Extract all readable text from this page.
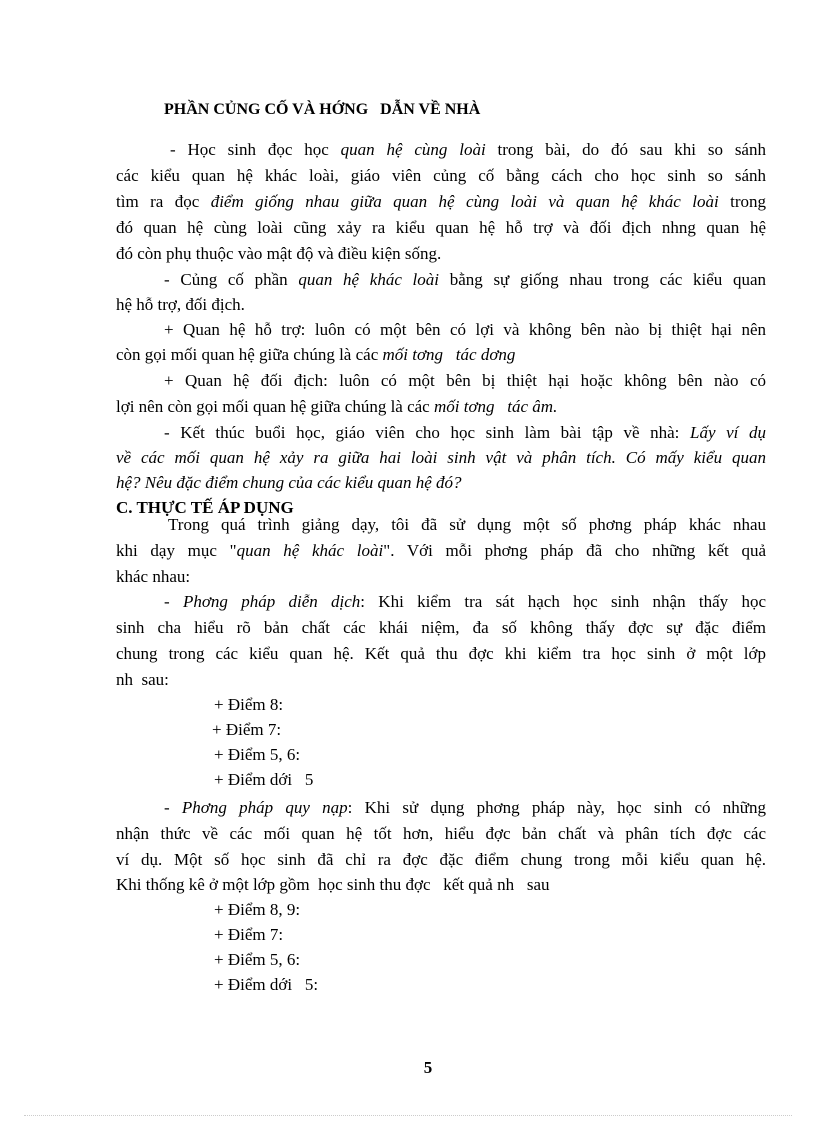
PHẦN CỦNG CỐ VÀ HỚNG   DẪN VỀ NHÀ
- Học sinh đọc học quan hệ cùng loài trong bài, do đó sau khi so sánh
các kiểu quan hệ khác loài, giáo viên củng cố bằng cách cho học sinh so sánh
tìm ra đọc điểm giống nhau giữa quan hệ cùng loài và quan hệ khác loài trong
đó quan hệ cùng loài cũng xảy ra kiểu quan hệ hỗ trợ và đối địch nhng quan hệ
đó còn phụ thuộc vào mật độ và điều kiện sống.
- Củng cố phần quan hệ khác loài bằng sự giống nhau trong các kiểu quan
hệ hỗ trợ, đối địch.
+ Quan hệ hỗ trợ: luôn có một bên có lợi và không bên nào bị thiệt hại nên
còn gọi mối quan hệ giữa chúng là các mối tơng   tác dơng
+ Quan hệ đối địch: luôn có một bên bị thiệt hại hoặc không bên nào có
lợi nên còn gọi mối quan hệ giữa chúng là các mối tơng   tác âm.
- Kết thúc buổi học, giáo viên cho học sinh làm bài tập về nhà: Lấy ví dụ
về các mối quan hệ xảy ra giữa hai loài sinh vật và phân tích. Có mấy kiểu quan
hệ? Nêu đặc điểm chung của các kiểu quan hệ đó?
C. THỰC TẾ ÁP DỤNG
Trong quá trình giảng dạy, tôi đã sử dụng một số phơng pháp khác nhau
khi dạy mục "quan hệ khác loài". Với mỗi phơng pháp đã cho những kết quả
khác nhau:
- Phơng pháp diễn dịch: Khi kiểm tra sát hạch học sinh nhận thấy học
sinh cha hiểu rõ bản chất các khái niệm, đa số không thấy đợc sự đặc điểm
chung trong các kiểu quan hệ. Kết quả thu đợc khi kiểm tra học sinh ở một lớp
nh  sau:
+ Điểm 8:
+ Điểm 7:
+ Điểm 5, 6:
+ Điểm dới   5
- Phơng pháp quy nạp: Khi sử dụng phơng pháp này, học sinh có những
nhận thức về các mối quan hệ tốt hơn, hiểu đợc bản chất và phân tích đợc các
ví dụ. Một số học sinh đã chỉ ra đợc đặc điểm chung trong mỗi kiểu quan hệ.
Khi thống kê ở một lớp gồm  học sinh thu đợc   kết quả nh   sau
+ Điểm 8, 9:
+ Điểm 7:
+ Điểm 5, 6:
+ Điểm dới   5:
5
